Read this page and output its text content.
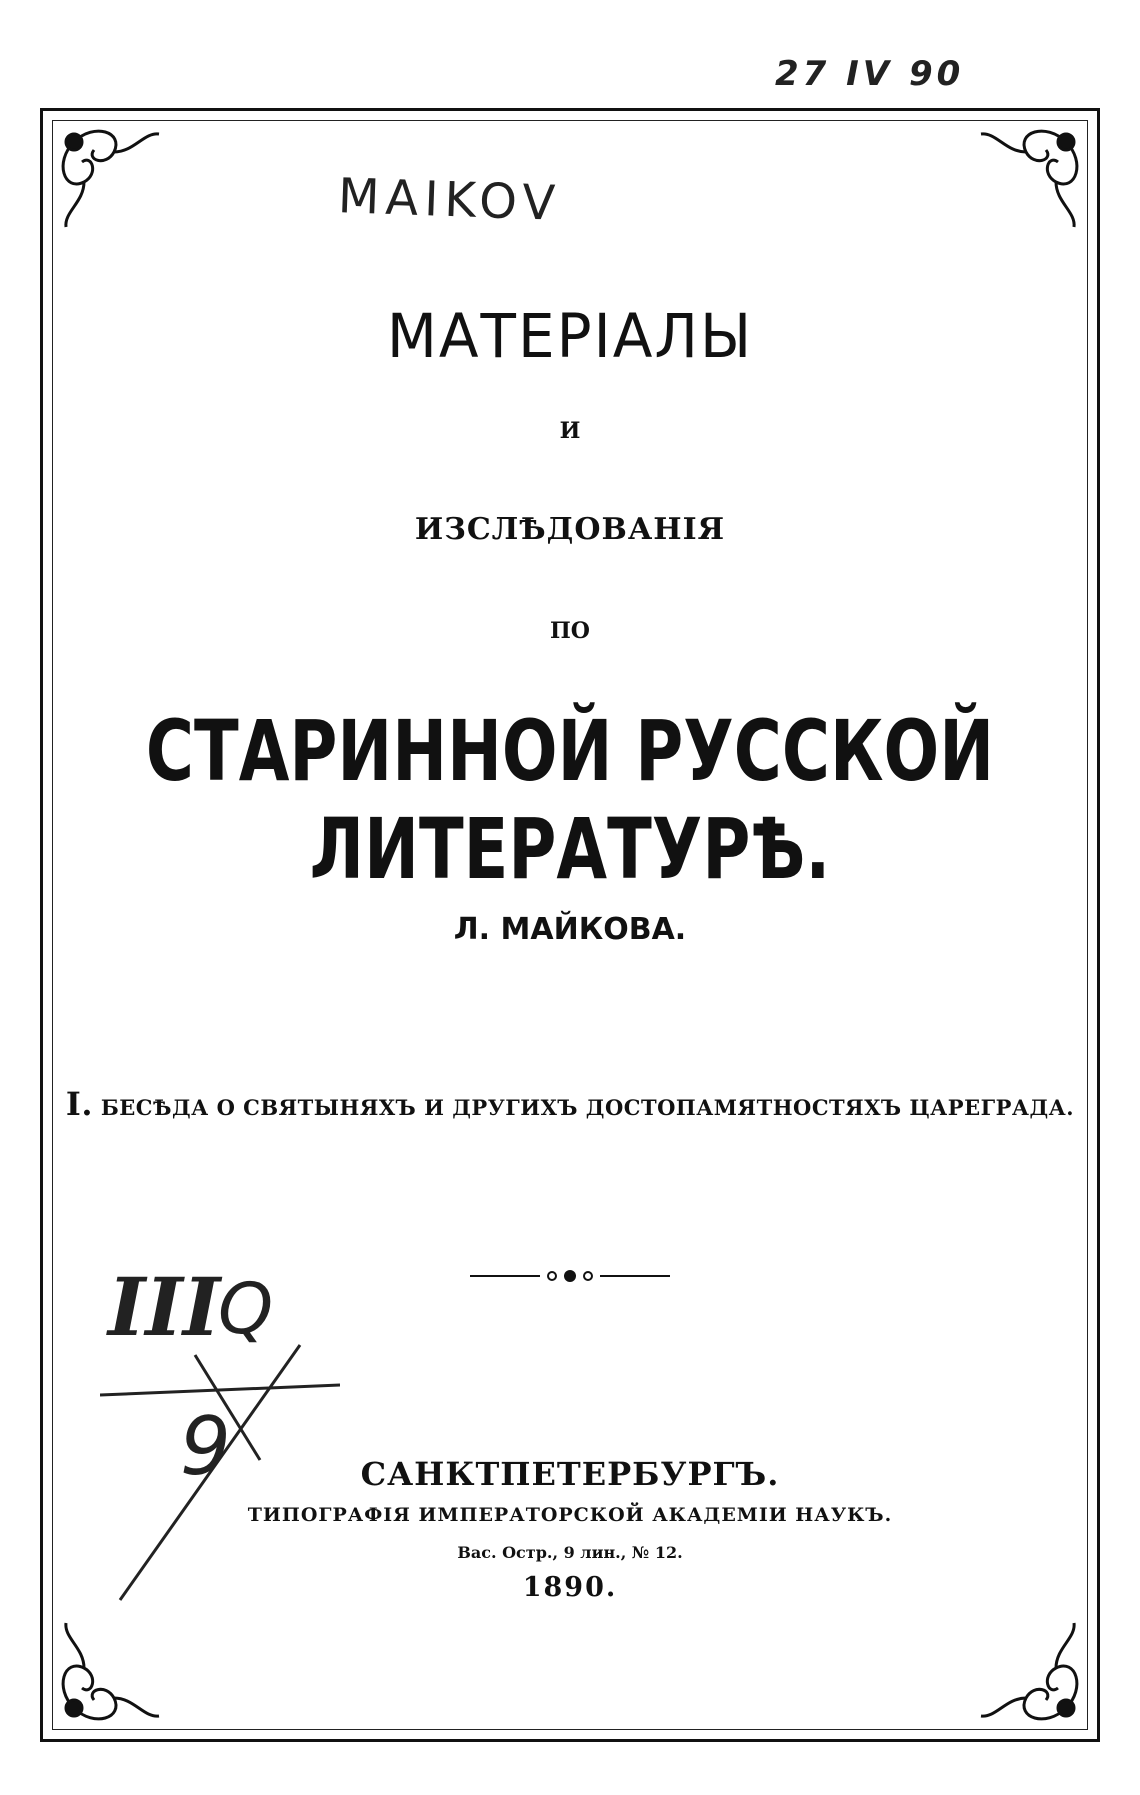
27 IV 90
MAIKOV
МАТЕРІАЛЫ
И
ИЗСЛѢДОВАНІЯ
ПО
СТАРИННОЙ РУССКОЙ ЛИТЕРАТУРѢ.
Л. МАЙКОВА.
I. БЕСѢДА О СВЯТЫНЯХЪ И ДРУГИХЪ ДОСТОПАМЯТНОСТЯХЪ ЦАРЕГРАДА.
САНКТПЕТЕРБУРГЪ.
ТИПОГРАФІЯ ИМПЕРАТОРСКОЙ АКАДЕМІИ НАУКЪ.
Вас. Остр., 9 лин., № 12.
1890.
III
Q
9
